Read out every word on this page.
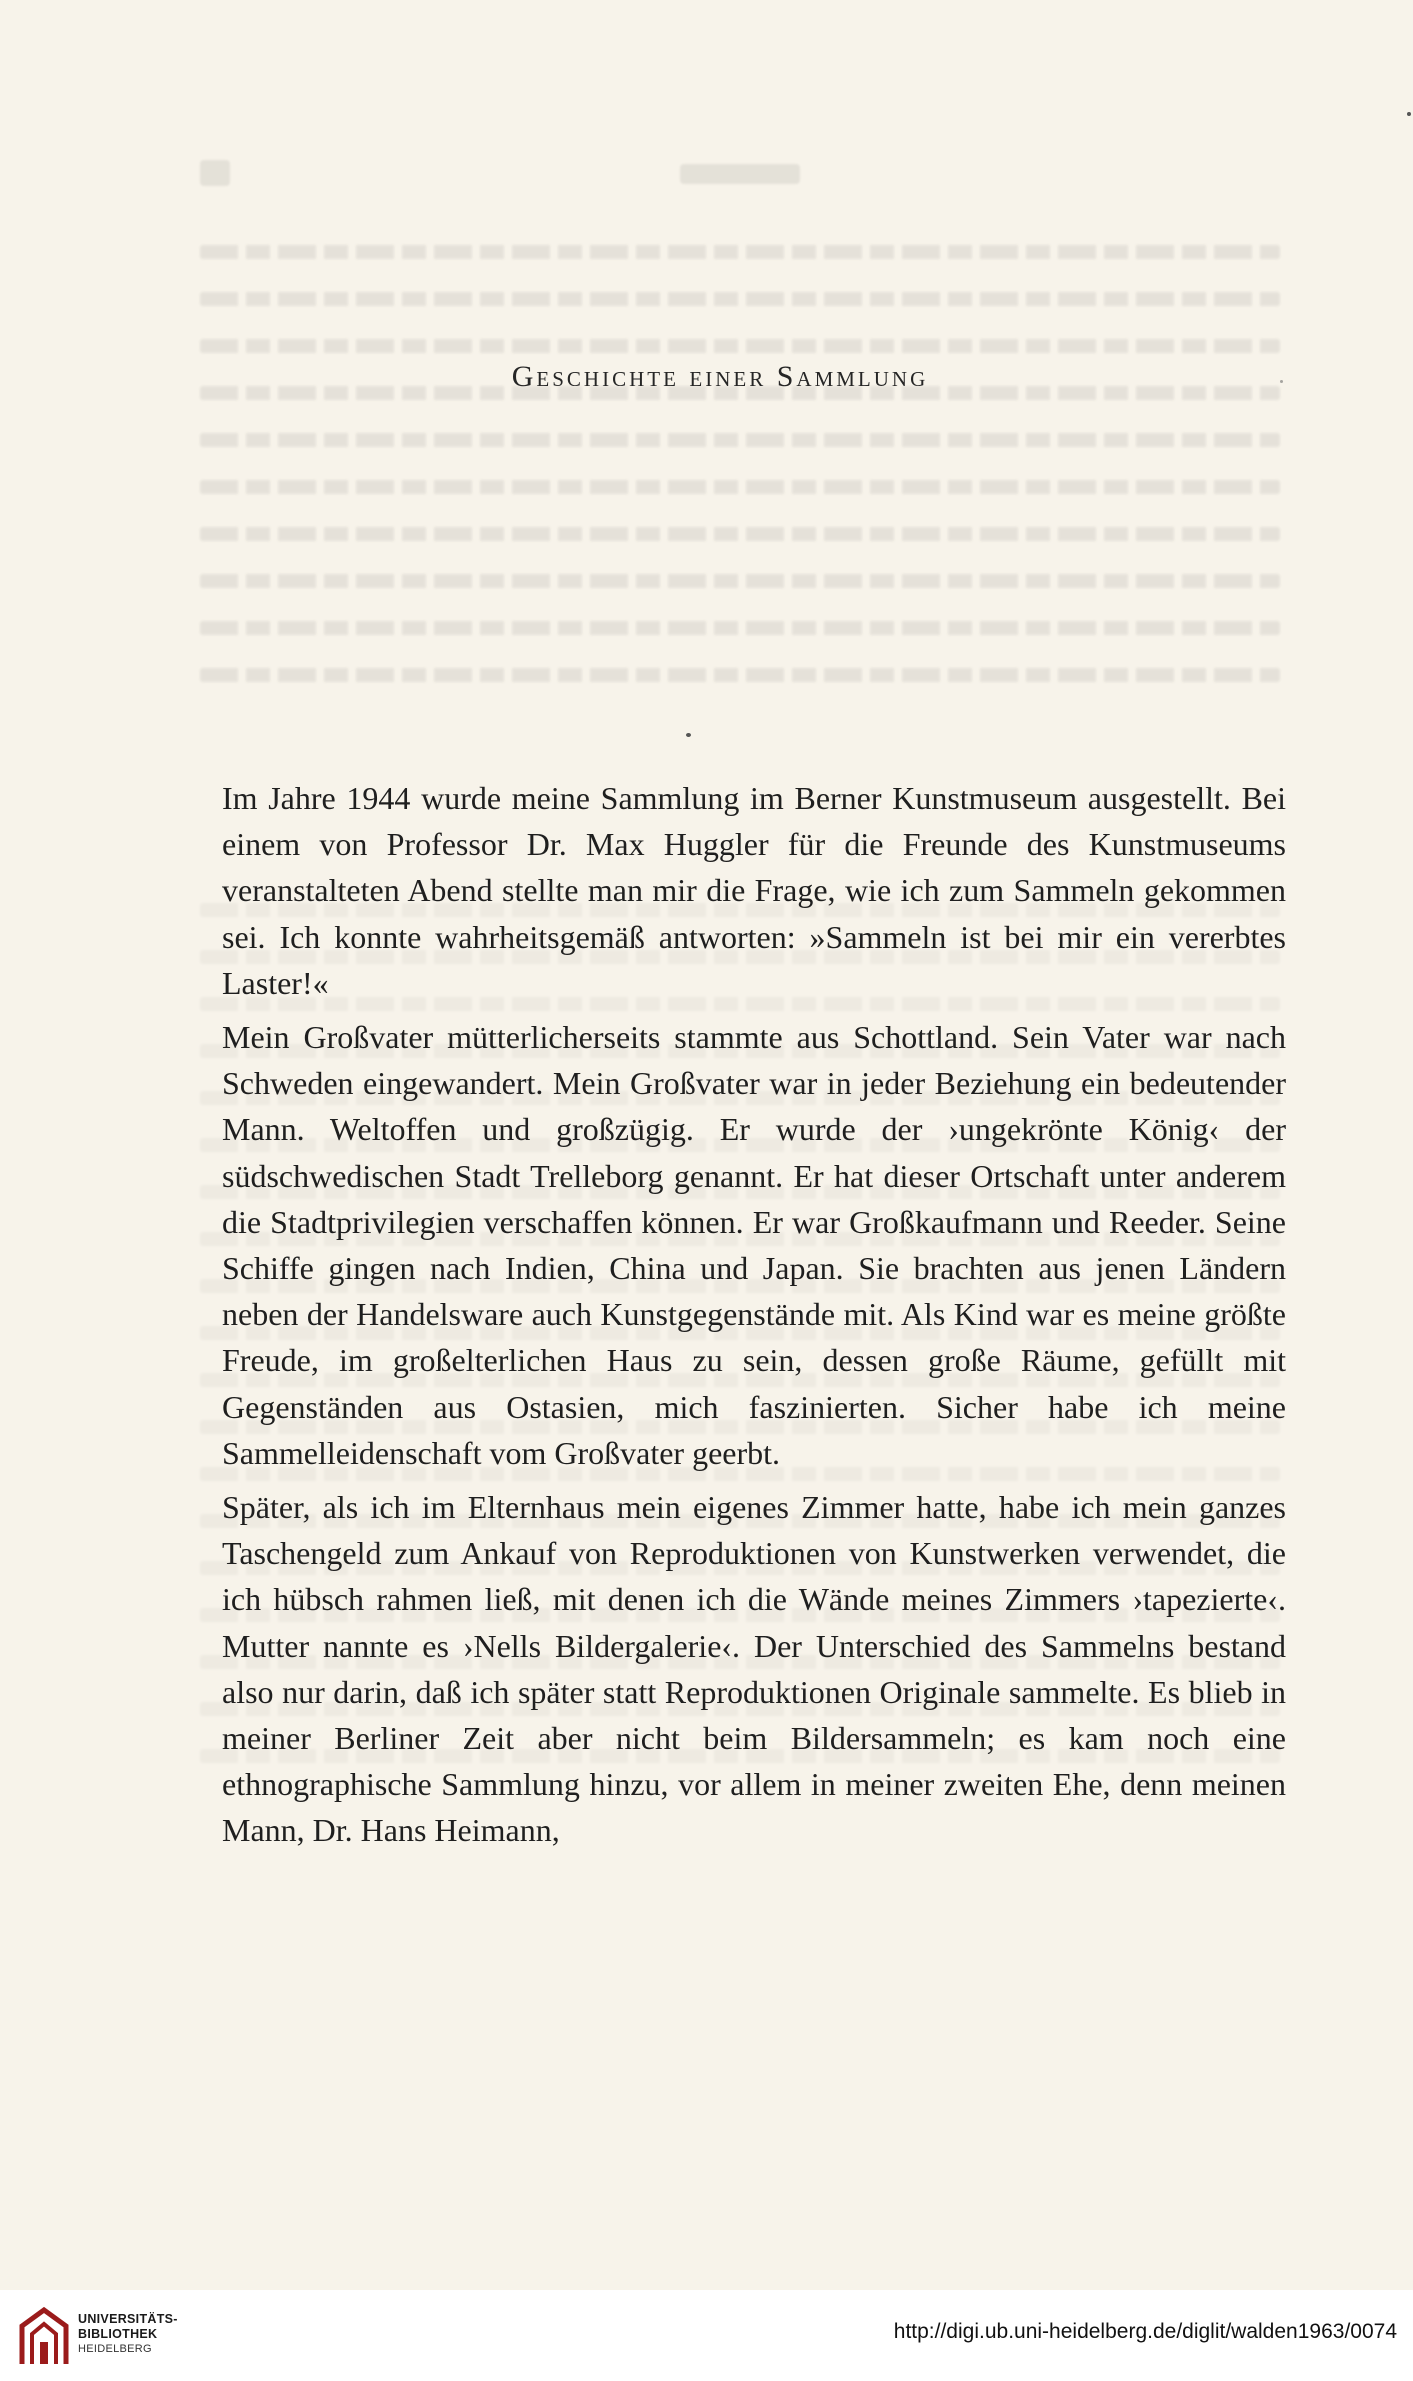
Geschichte einer Sammlung

Im Jahre 1944 wurde meine Sammlung im Berner Kunstmuseum ausgestellt. Bei einem von Professor Dr. Max Huggler für die Freunde des Kunstmuseums veranstalteten Abend stellte man mir die Frage, wie ich zum Sammeln gekommen sei. Ich konnte wahrheitsgemäß antworten: »Sammeln ist bei mir ein vererbtes Laster!«

Mein Großvater mütterlicherseits stammte aus Schottland. Sein Vater war nach Schweden eingewandert. Mein Großvater war in jeder Beziehung ein bedeutender Mann. Weltoffen und großzügig. Er wurde der ›ungekrönte König‹ der südschwedischen Stadt Trelleborg genannt. Er hat dieser Ortschaft unter anderem die Stadtprivilegien verschaffen können. Er war Großkaufmann und Reeder. Seine Schiffe gingen nach Indien, China und Japan. Sie brachten aus jenen Ländern neben der Handelsware auch Kunstgegenstände mit. Als Kind war es meine größte Freude, im großelterlichen Haus zu sein, dessen große Räume, gefüllt mit Gegenständen aus Ostasien, mich faszinierten. Sicher habe ich meine Sammelleidenschaft vom Großvater geerbt.

Später, als ich im Elternhaus mein eigenes Zimmer hatte, habe ich mein ganzes Taschengeld zum Ankauf von Reproduktionen von Kunstwerken verwendet, die ich hübsch rahmen ließ, mit denen ich die Wände meines Zimmers ›tapezierte‹. Mutter nannte es ›Nells Bildergalerie‹. Der Unterschied des Sammelns bestand also nur darin, daß ich später statt Reproduktionen Originale sammelte. Es blieb in meiner Berliner Zeit aber nicht beim Bildersammeln; es kam noch eine ethnographische Sammlung hinzu, vor allem in meiner zweiten Ehe, denn meinen Mann, Dr. Hans Heimann,

UNIVERSITÄTS-
BIBLIOTHEK
HEIDELBERG
http://digi.ub.uni-heidelberg.de/diglit/walden1963/0074
